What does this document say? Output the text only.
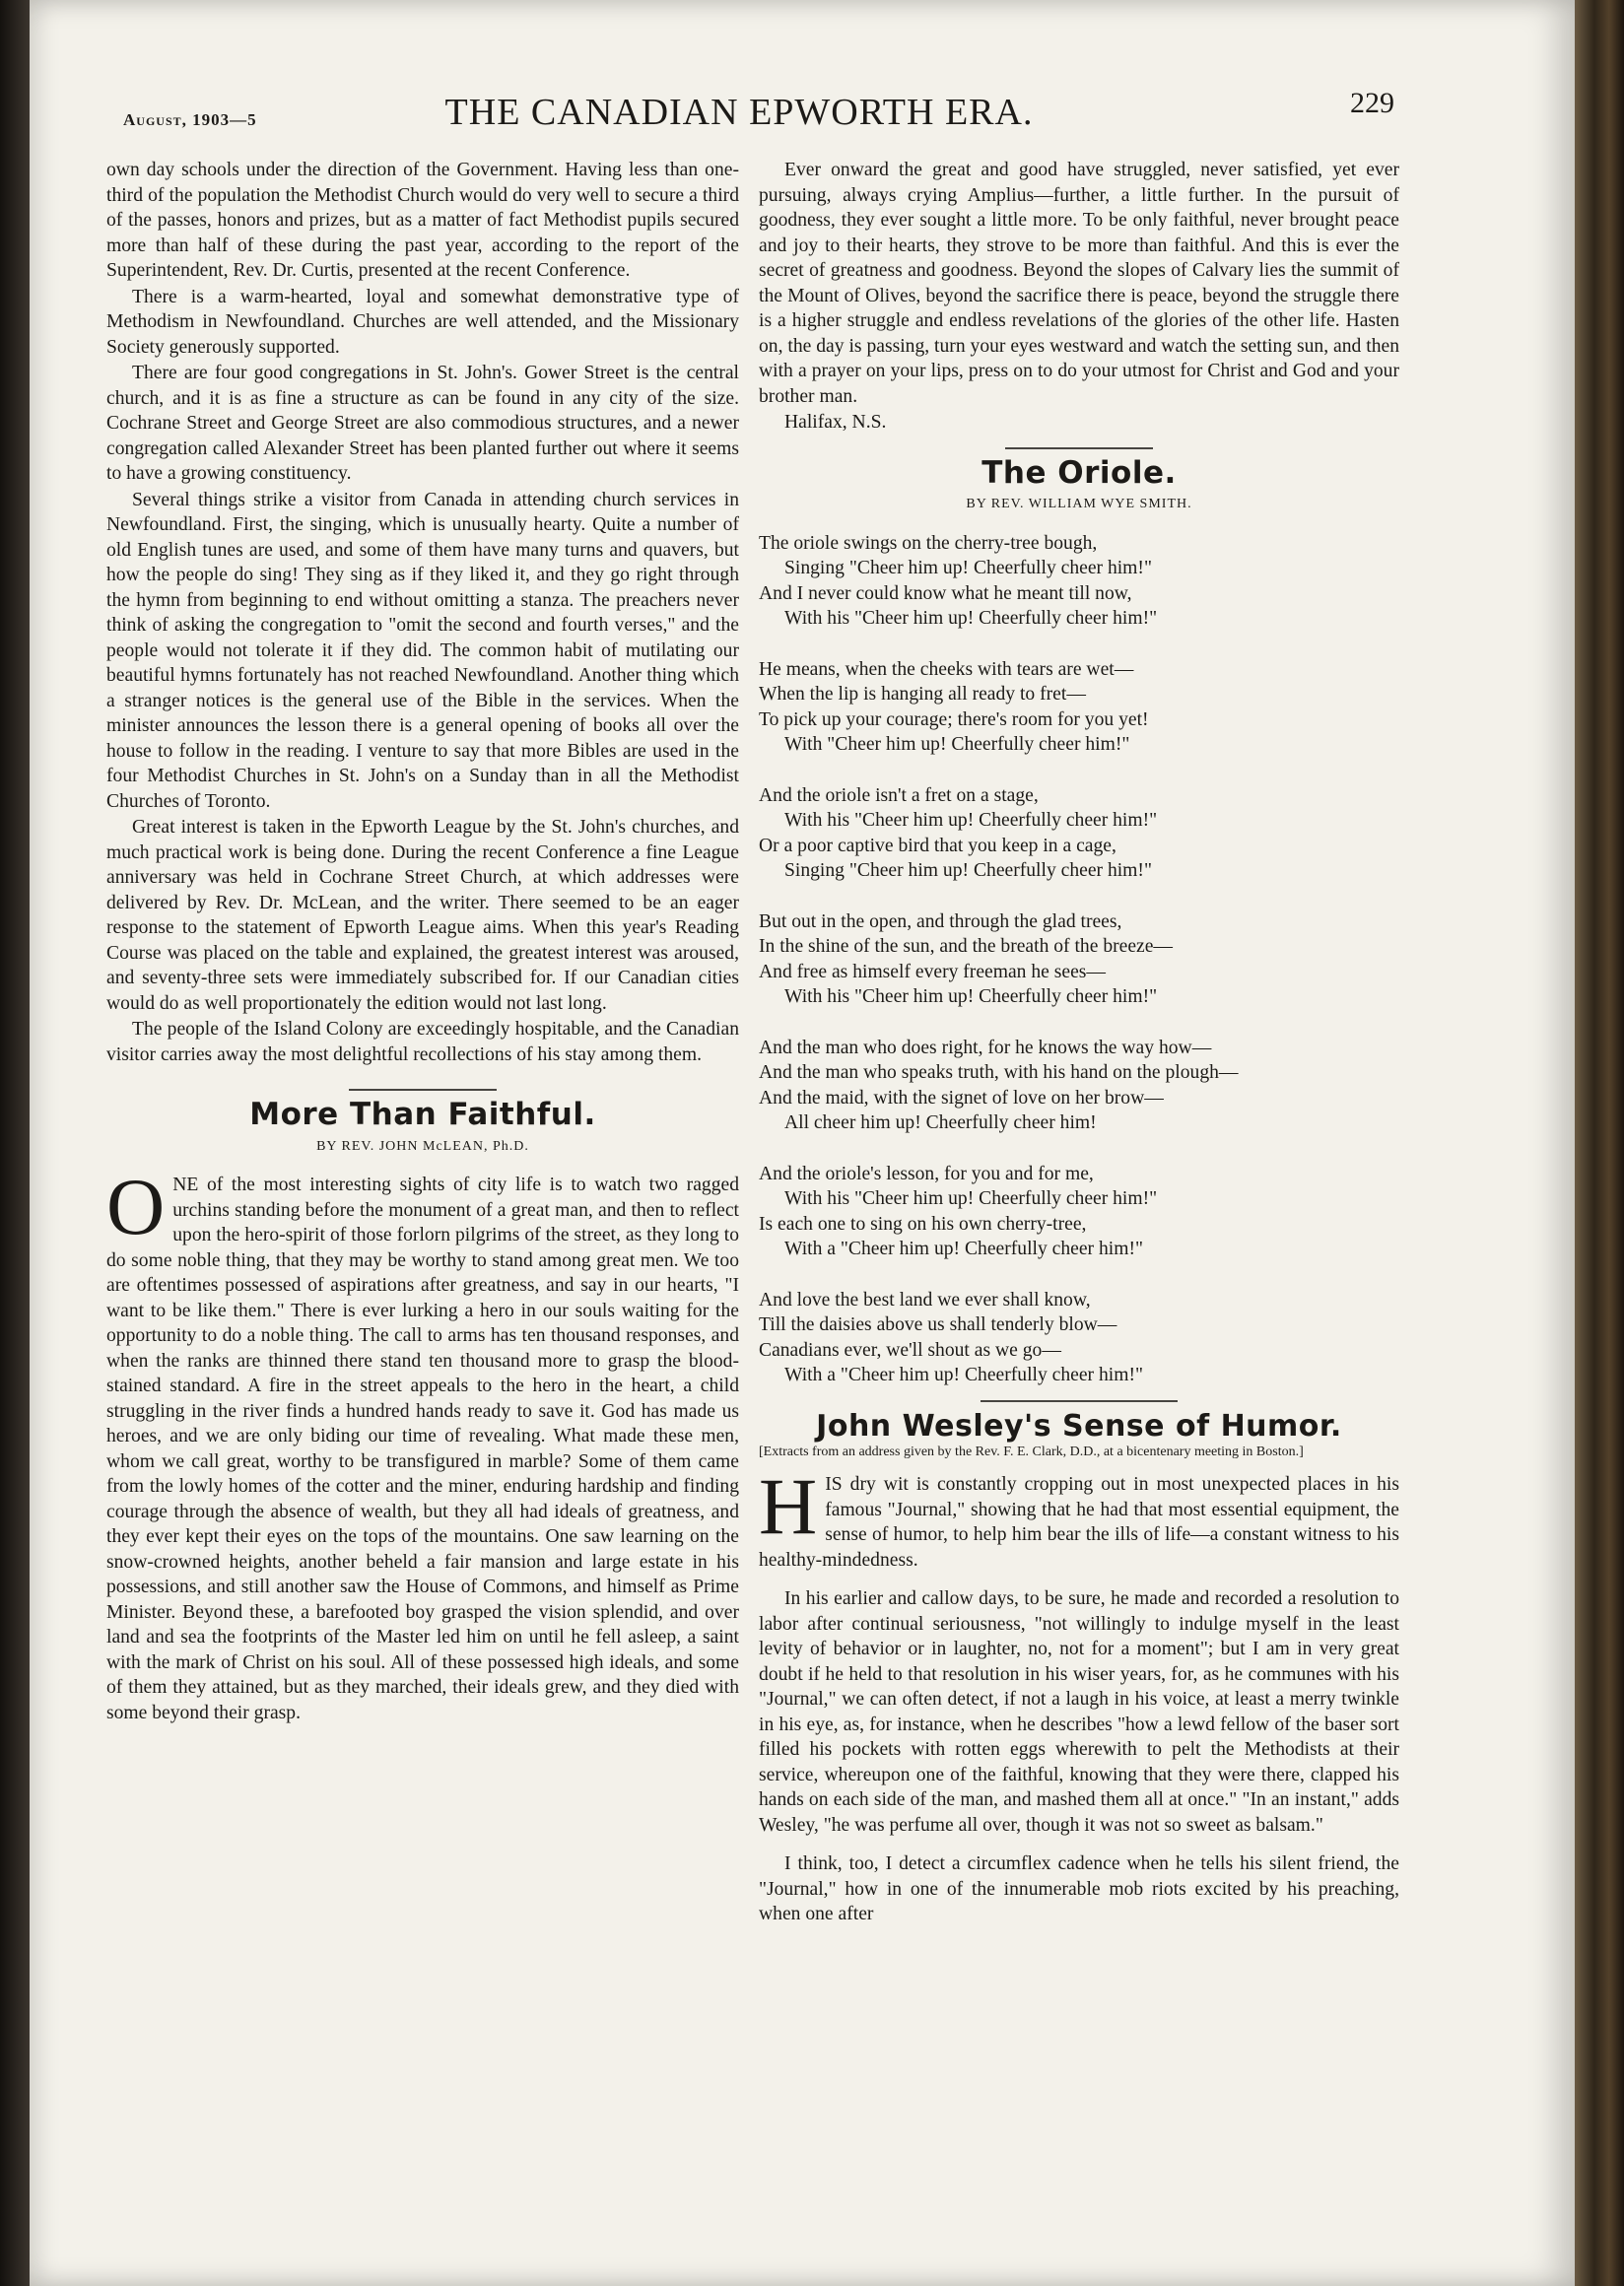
August, 1903—5	THE CANADIAN EPWORTH ERA.	229

own day schools under the direction of the Government. Having less than one-third of the population the Methodist Church would do very well to secure a third of the passes, honors and prizes, but as a matter of fact Methodist pupils secured more than half of these during the past year, according to the report of the Superintendent, Rev. Dr. Curtis, presented at the recent Conference.

There is a warm-hearted, loyal and somewhat demonstrative type of Methodism in Newfoundland. Churches are well attended, and the Missionary Society generously supported.

There are four good congregations in St. John's. Gower Street is the central church, and it is as fine a structure as can be found in any city of the size. Cochrane Street and George Street are also commodious structures, and a newer congregation called Alexander Street has been planted further out where it seems to have a growing constituency.

Several things strike a visitor from Canada in attending church services in Newfoundland. First, the singing, which is unusually hearty. Quite a number of old English tunes are used, and some of them have many turns and quavers, but how the people do sing! They sing as if they liked it, and they go right through the hymn from beginning to end without omitting a stanza. The preachers never think of asking the congregation to "omit the second and fourth verses," and the people would not tolerate it if they did. The common habit of mutilating our beautiful hymns fortunately has not reached Newfoundland. Another thing which a stranger notices is the general use of the Bible in the services. When the minister announces the lesson there is a general opening of books all over the house to follow in the reading. I venture to say that more Bibles are used in the four Methodist Churches in St. John's on a Sunday than in all the Methodist Churches of Toronto.

Great interest is taken in the Epworth League by the St. John's churches, and much practical work is being done. During the recent Conference a fine League anniversary was held in Cochrane Street Church, at which addresses were delivered by Rev. Dr. McLean, and the writer. There seemed to be an eager response to the statement of Epworth League aims. When this year's Reading Course was placed on the table and explained, the greatest interest was aroused, and seventy-three sets were immediately subscribed for. If our Canadian cities would do as well proportionately the edition would not last long.

The people of the Island Colony are exceedingly hospitable, and the Canadian visitor carries away the most delightful recollections of his stay among them.

More Than Faithful.
BY REV. JOHN McLEAN, Ph.D.

ONE of the most interesting sights of city life is to watch two ragged urchins standing before the monument of a great man, and then to reflect upon the hero-spirit of those forlorn pilgrims of the street, as they long to do some noble thing, that they may be worthy to stand among great men. We too are oftentimes possessed of aspirations after greatness, and say in our hearts, "I want to be like them." There is ever lurking a hero in our souls waiting for the opportunity to do a noble thing. The call to arms has ten thousand responses, and when the ranks are thinned there stand ten thousand more to grasp the blood-stained standard. A fire in the street appeals to the hero in the heart, a child struggling in the river finds a hundred hands ready to save it. God has made us heroes, and we are only biding our time of revealing. What made these men, whom we call great, worthy to be transfigured in marble? Some of them came from the lowly homes of the cotter and the miner, enduring hardship and finding courage through the absence of wealth, but they all had ideals of greatness, and they ever kept their eyes on the tops of the mountains. One saw learning on the snow-crowned heights, another beheld a fair mansion and large estate in his possessions, and still another saw the House of Commons, and himself as Prime Minister. Beyond these, a barefooted boy grasped the vision splendid, and over land and sea the footprints of the Master led him on until he fell asleep, a saint with the mark of Christ on his soul. All of these possessed high ideals, and some of them they attained, but as they marched, their ideals grew, and they died with some beyond their grasp.

Ever onward the great and good have struggled, never satisfied, yet ever pursuing, always crying Amplius—further, a little further. In the pursuit of goodness, they ever sought a little more. To be only faithful, never brought peace and joy to their hearts, they strove to be more than faithful. And this is ever the secret of greatness and goodness. Beyond the slopes of Calvary lies the summit of the Mount of Olives, beyond the sacrifice there is peace, beyond the struggle there is a higher struggle and endless revelations of the glories of the other life. Hasten on, the day is passing, turn your eyes westward and watch the setting sun, and then with a prayer on your lips, press on to do your utmost for Christ and God and your brother man.

Halifax, N.S.

The Oriole.
BY REV. WILLIAM WYE SMITH.
The oriole swings on the cherry-tree bough,
Singing "Cheer him up! Cheerfully cheer him!"
And I never could know what he meant till now,
With his "Cheer him up! Cheerfully cheer him!"
He means, when the cheeks with tears are wet—
When the lip is hanging all ready to fret—
To pick up your courage; there's room for you yet!
With "Cheer him up! Cheerfully cheer him!"
And the oriole isn't a fret on a stage,
With his "Cheer him up! Cheerfully cheer him!"
Or a poor captive bird that you keep in a cage,
Singing "Cheer him up! Cheerfully cheer him!"
But out in the open, and through the glad trees,
In the shine of the sun, and the breath of the breeze—
And free as himself every freeman he sees—
With his "Cheer him up! Cheerfully cheer him!"
And the man who does right, for he knows the way how—
And the man who speaks truth, with his hand on the plough—
And the maid, with the signet of love on her brow—
All cheer him up! Cheerfully cheer him!
And the oriole's lesson, for you and for me,
With his "Cheer him up! Cheerfully cheer him!"
Is each one to sing on his own cherry-tree,
With a "Cheer him up! Cheerfully cheer him!"
And love the best land we ever shall know,
Till the daisies above us shall tenderly blow—
Canadians ever, we'll shout as we go—
With a "Cheer him up! Cheerfully cheer him!"
John Wesley's Sense of Humor.
[Extracts from an address given by the Rev. F. E. Clark, D.D., at a bicentenary meeting in Boston.]

HIS dry wit is constantly cropping out in most unexpected places in his famous "Journal," showing that he had that most essential equipment, the sense of humor, to help him bear the ills of life—a constant witness to his healthy-mindedness.

In his earlier and callow days, to be sure, he made and recorded a resolution to labor after continual seriousness, "not willingly to indulge myself in the least levity of behavior or in laughter, no, not for a moment"; but I am in very great doubt if he held to that resolution in his wiser years, for, as he communes with his "Journal," we can often detect, if not a laugh in his voice, at least a merry twinkle in his eye, as, for instance, when he describes "how a lewd fellow of the baser sort filled his pockets with rotten eggs wherewith to pelt the Methodists at their service, whereupon one of the faithful, knowing that they were there, clapped his hands on each side of the man, and mashed them all at once." "In an instant," adds Wesley, "he was perfume all over, though it was not so sweet as balsam."

I think, too, I detect a circumflex cadence when he tells his silent friend, the "Journal," how in one of the innumerable mob riots excited by his preaching, when one after
